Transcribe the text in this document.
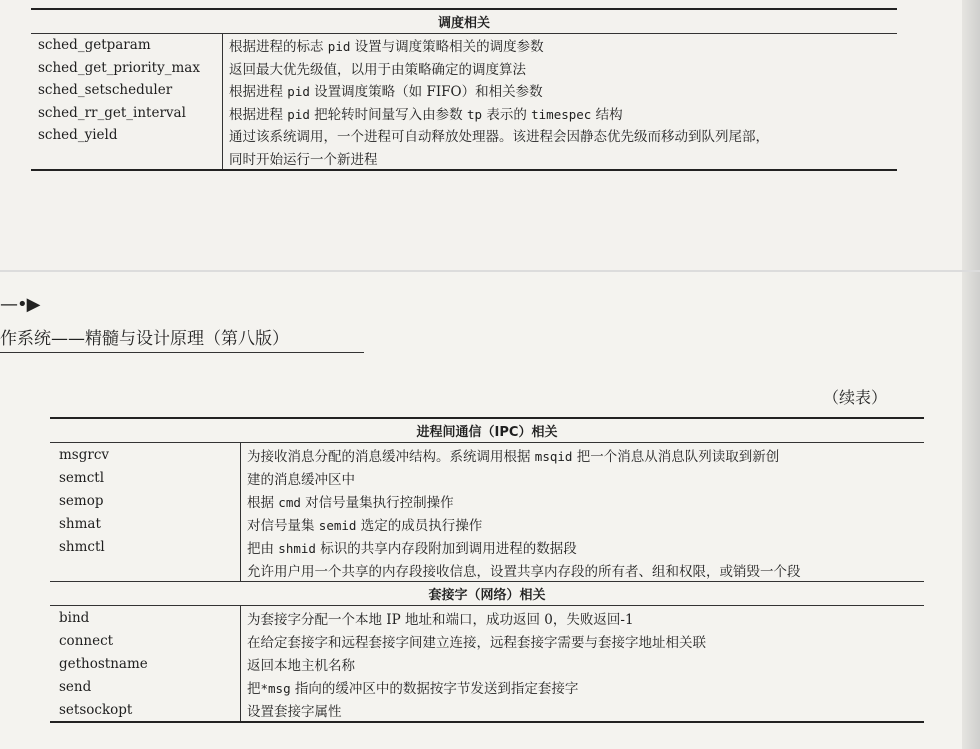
调度相关	
sched_getparam	根据进程的标志 pid 设置与调度策略相关的调度参数
sched_get_priority_max	返回最大优先级值，以用于由策略确定的调度算法
sched_setscheduler	根据进程 pid 设置调度策略（如 FIFO）和相关参数
sched_rr_get_interval	根据进程 pid 把轮转时间量写入由参数 tp 表示的 timespec 结构
sched_yield	通过该系统调用，一个进程可自动释放处理器。该进程会因静态优先级而移动到队列尾部，
	同时开始运行一个新进程
—•▶
作系统——精髓与设计原理（第八版）
（续表）
进程间通信（IPC）相关	
msgrcv	为接收消息分配的消息缓冲结构。系统调用根据 msqid 把一个消息从消息队列读取到新创
semctl	建的消息缓冲区中
semop	根据 cmd 对信号量集执行控制操作
shmat	对信号量集 semid 选定的成员执行操作
shmctl	把由 shmid 标识的共享内存段附加到调用进程的数据段
	允许用户用一个共享的内存段接收信息，设置共享内存段的所有者、组和权限，或销毁一个段
套接字（网络）相关	
bind	为套接字分配一个本地 IP 地址和端口，成功返回 0，失败返回-1
connect	在给定套接字和远程套接字间建立连接，远程套接字需要与套接字地址相关联
gethostname	返回本地主机名称
send	把*msg 指向的缓冲区中的数据按字节发送到指定套接字
setsockopt	设置套接字属性
